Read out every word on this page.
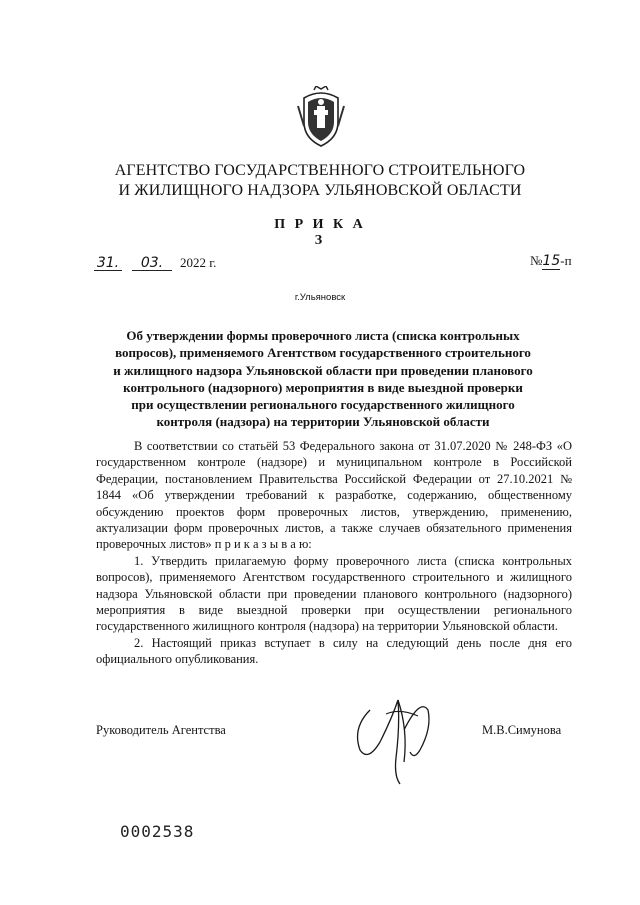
АГЕНТСТВО ГОСУДАРСТВЕННОГО СТРОИТЕЛЬНОГО
И ЖИЛИЩНОГО НАДЗОРА УЛЬЯНОВСКОЙ ОБЛАСТИ
П Р И К А З
31. 03. 2022 г.	№15-п
г.Ульяновск
Об утверждении формы проверочного листа (списка контрольных
вопросов), применяемого Агентством государственного строительного
и жилищного надзора Ульяновской области при проведении планового
контрольного (надзорного) мероприятия в виде выездной проверки
при осуществлении регионального государственного жилищного
контроля (надзора) на территории Ульяновской области

В соответствии со статьёй 53 Федерального закона от 31.07.2020 № 248-ФЗ «О государственном контроле (надзоре) и муниципальном контроле в Российской Федерации, постановлением Правительства Российской Федерации от 27.10.2021 № 1844 «Об утверждении требований к разработке, содержанию, общественному обсуждению проектов форм проверочных листов, утверждению, применению, актуализации форм проверочных листов, а также случаев обязательного применения проверочных листов» п р и к а з ы в а ю:

1. Утвердить прилагаемую форму проверочного листа (списка контрольных вопросов), применяемого Агентством государственного строительного и жилищного надзора Ульяновской области при проведении планового контрольного (надзорного) мероприятия в виде выездной проверки при осуществлении регионального государственного жилищного контроля (надзора) на территории Ульяновской области.

2. Настоящий приказ вступает в силу на следующий день после дня его официального опубликования.

Руководитель Агентства	М.В.Симунова
0002538
